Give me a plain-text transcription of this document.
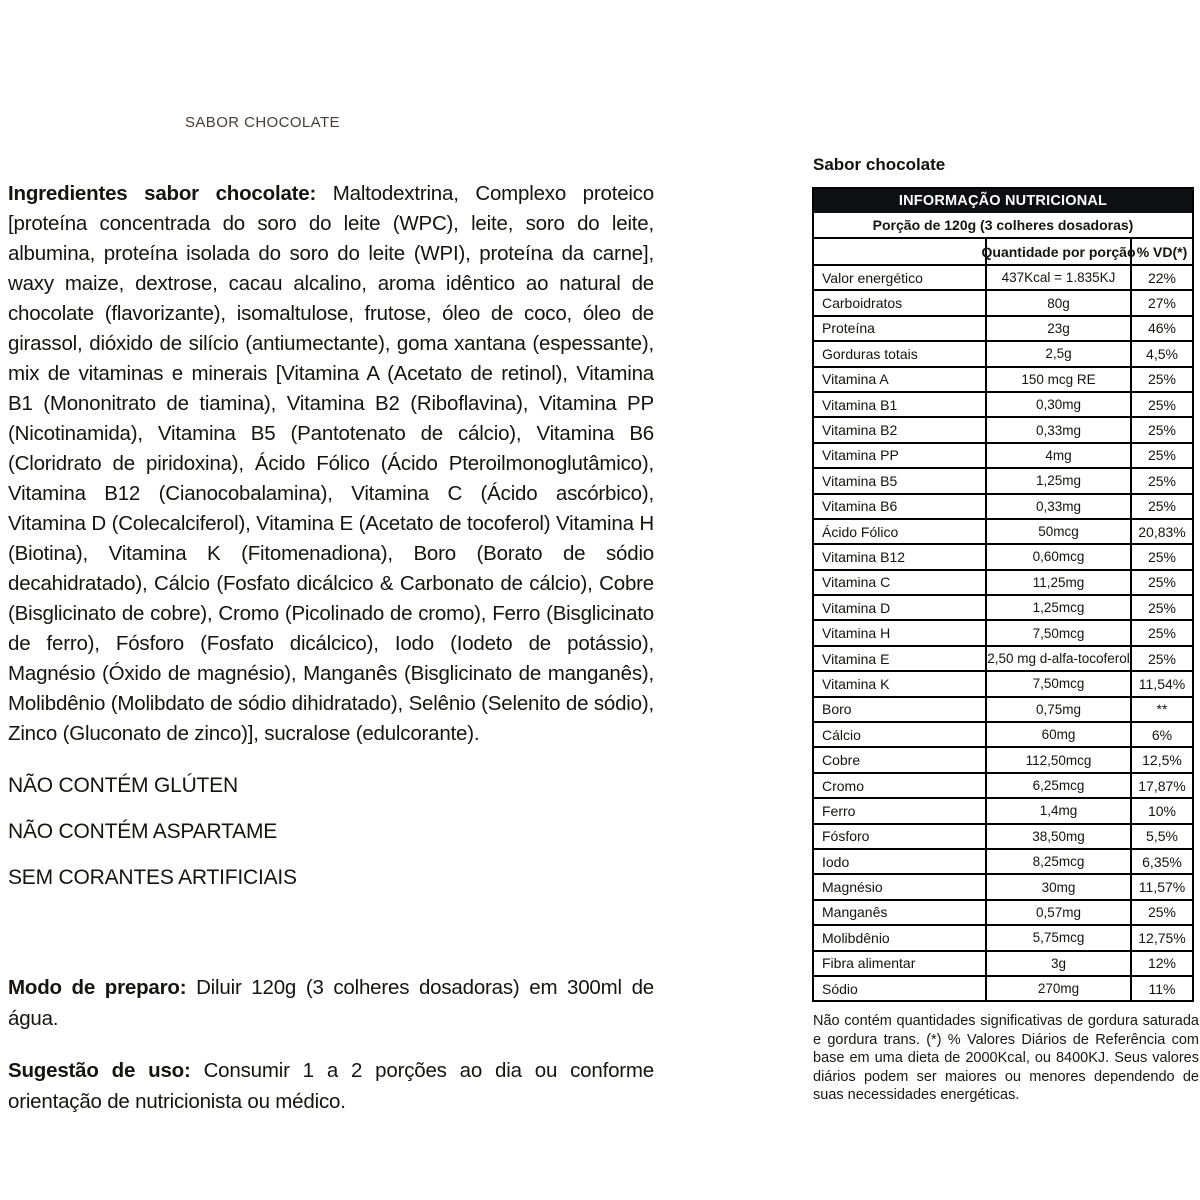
SABOR CHOCOLATE

Ingredientes sabor chocolate: Maltodextrina, Complexo proteico [proteína concentrada do soro do leite (WPC), leite, soro do leite, albumina, proteína isolada do soro do leite (WPI), proteína da carne], waxy maize, dextrose, cacau alcalino, aroma idêntico ao natural de chocolate (flavorizante), isomaltulose, frutose, óleo de coco, óleo de girassol, dióxido de silício (antiumectante), goma xantana (espessante), mix de vitaminas e minerais [Vitamina A (Acetato de retinol), Vitamina B1 (Mononitrato de tiamina), Vitamina B2 (Riboflavina), Vitamina PP (Nicotinamida), Vitamina B5 (Pantotenato de cálcio), Vitamina B6 (Cloridrato de piridoxina), Ácido Fólico (Ácido Pteroilmonoglutâmico), Vitamina B12 (Cianocobalamina), Vitamina C (Ácido ascórbico), Vitamina D (Colecalciferol), Vitamina E (Acetato de tocoferol) Vitamina H (Biotina), Vitamina K (Fitomenadiona), Boro (Borato de sódio decahidratado), Cálcio (Fosfato dicálcico & Carbonato de cálcio), Cobre (Bisglicinato de cobre), Cromo (Picolinado de cromo), Ferro (Bisglicinato de ferro), Fósforo (Fosfato dicálcico), Iodo (Iodeto de potássio), Magnésio (Óxido de magnésio), Manganês (Bisglicinato de manganês), Molibdênio (Molibdato de sódio dihidratado), Selênio (Selenito de sódio), Zinco (Gluconato de zinco)], sucralose (edulcorante).

NÃO CONTÉM GLÚTEN
NÃO CONTÉM ASPARTAME
SEM CORANTES ARTIFICIAIS

Modo de preparo: Diluir 120g (3 colheres dosadoras) em 300ml de água.

Sugestão de uso: Consumir 1 a 2 porções ao dia ou conforme orientação de nutricionista ou médico.

Sabor chocolate
INFORMAÇÃO NUTRICIONAL
Porção de 120g (3 colheres dosadoras)
Quantidade por porção % VD(*)
Valor energético	437Kcal = 1.835KJ	22%
Carboidratos	80g	27%
Proteína	23g	46%
Gorduras totais	2,5g	4,5%
Vitamina A	150 mcg RE	25%
Vitamina B1	0,30mg	25%
Vitamina B2	0,33mg	25%
Vitamina PP	4mg	25%
Vitamina B5	1,25mg	25%
Vitamina B6	0,33mg	25%
Ácido Fólico	50mcg	20,83%
Vitamina B12	0,60mcg	25%
Vitamina C	11,25mg	25%
Vitamina D	1,25mcg	25%
Vitamina H	7,50mcg	25%
Vitamina E	2,50 mg d-alfa-tocoferol	25%
Vitamina K	7,50mcg	11,54%
Boro	0,75mg	**
Cálcio	60mg	6%
Cobre	112,50mcg	12,5%
Cromo	6,25mcg	17,87%
Ferro	1,4mg	10%
Fósforo	38,50mg	5,5%
Iodo	8,25mcg	6,35%
Magnésio	30mg	11,57%
Manganês	0,57mg	25%
Molibdênio	5,75mcg	12,75%
Fibra alimentar	3g	12%
Sódio	270mg	11%
Não contém quantidades significativas de gordura saturada e gordura trans. (*) % Valores Diários de Referência com base em uma dieta de 2000Kcal, ou 8400KJ. Seus valores diários podem ser maiores ou menores dependendo de suas necessidades energéticas.
